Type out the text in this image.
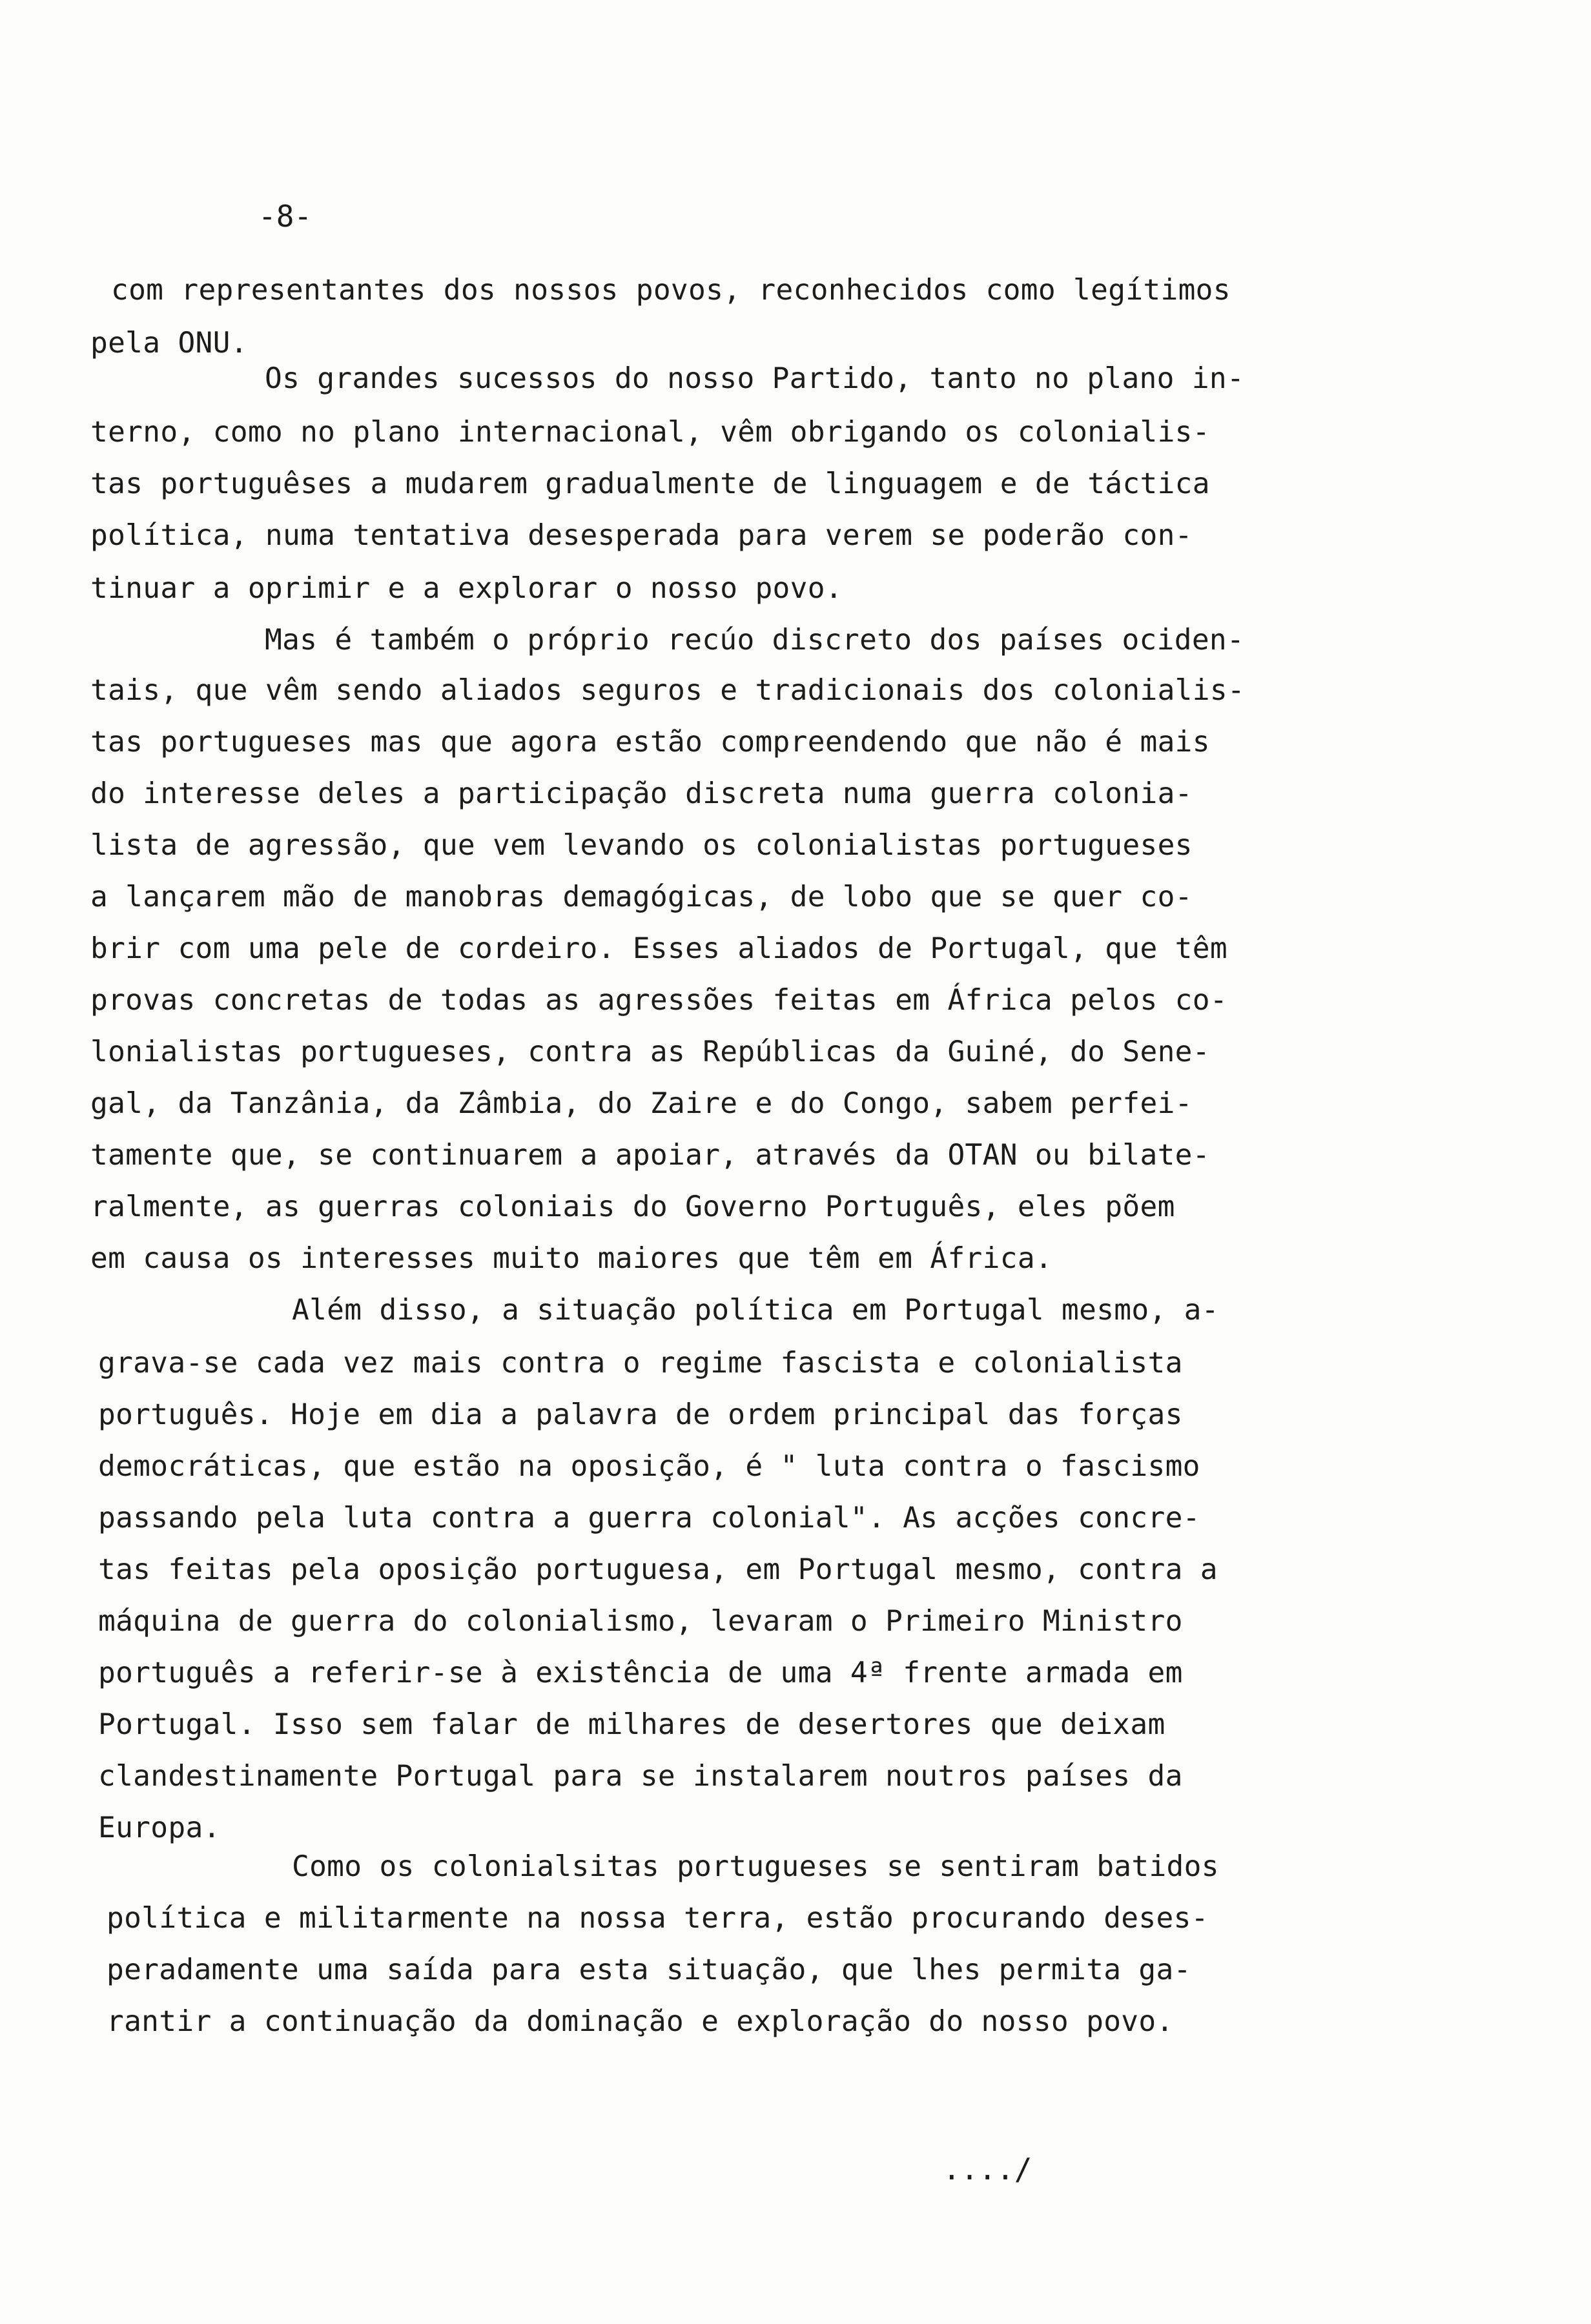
-8-
com representantes dos nossos povos, reconhecidos como legítimos
pela ONU.
Os grandes sucessos do nosso Partido, tanto no plano in-
terno, como no plano internacional, vêm obrigando os colonialis-
tas portuguêses a mudarem gradualmente de linguagem e de táctica
política, numa tentativa desesperada para verem se poderão con-
tinuar a oprimir e a explorar o nosso povo.
Mas é também o próprio recúo discreto dos países ociden-
tais, que vêm sendo aliados seguros e tradicionais dos colonialis-
tas portugueses mas que agora estão compreendendo que não é mais
do interesse deles a participação discreta numa guerra colonia-
lista de agressão, que vem levando os colonialistas portugueses
a lançarem mão de manobras demagógicas, de lobo que se quer co-
brir com uma pele de cordeiro. Esses aliados de Portugal, que têm
provas concretas de todas as agressões feitas em África pelos co-
lonialistas portugueses, contra as Repúblicas da Guiné, do Sene-
gal, da Tanzânia, da Zâmbia, do Zaire e do Congo, sabem perfei-
tamente que, se continuarem a apoiar, através da OTAN ou bilate-
ralmente, as guerras coloniais do Governo Português, eles põem
em causa os interesses muito maiores que têm em África.
Além disso, a situação política em Portugal mesmo, a-
grava-se cada vez mais contra o regime fascista e colonialista
português. Hoje em dia a palavra de ordem principal das forças
democráticas, que estão na oposição, é " luta contra o fascismo
passando pela luta contra a guerra colonial". As acções concre-
tas feitas pela oposição portuguesa, em Portugal mesmo, contra a
máquina de guerra do colonialismo, levaram o Primeiro Ministro
português a referir-se à existência de uma 4ª frente armada em
Portugal. Isso sem falar de milhares de desertores que deixam
clandestinamente Portugal para se instalarem noutros países da
Europa.
Como os colonialsitas portugueses se sentiram batidos
política e militarmente na nossa terra, estão procurando deses-
peradamente uma saída para esta situação, que lhes permita ga-
rantir a continuação da dominação e exploração do nosso povo.
..../
